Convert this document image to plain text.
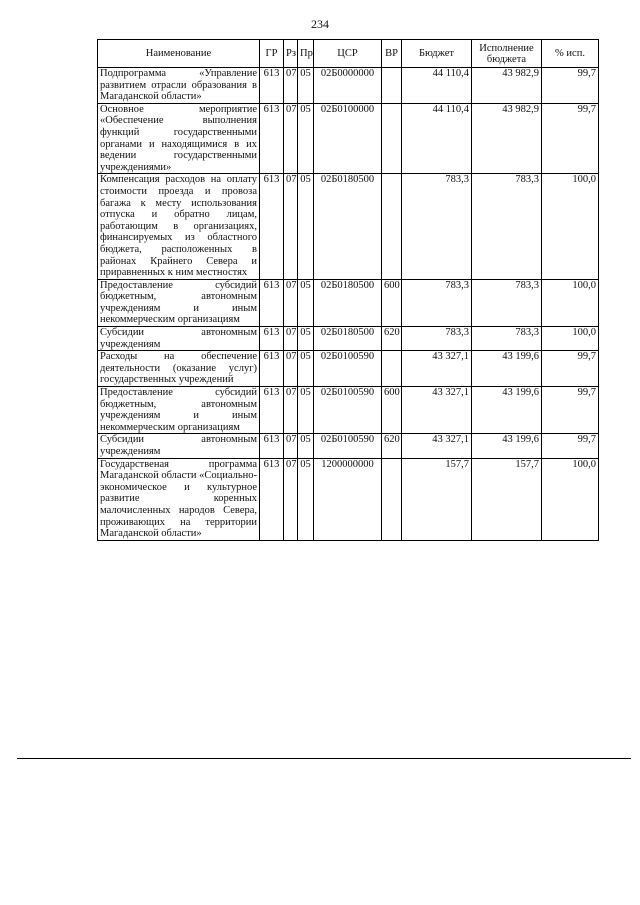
234
Наименование	ГР	Рз	Пр	ЦСР	ВР	Бюджет	Исполнение бюджета	% исп.
Подпрограмма «Управление развитием отрасли образования в Магаданской области»	613	07	05	02Б0000000		44 110,4	43 982,9	99,7
Основное мероприятие «Обеспечение выполнения функций государственными органами и находящимися в их ведении государственными учреждениями»	613	07	05	02Б0100000		44 110,4	43 982,9	99,7
Компенсация расходов на оплату стоимости проезда и провоза багажа к месту использования отпуска и обратно лицам, работающим в организациях, финансируемых из областного бюджета, расположенных в районах Крайнего Севера и приравненных к ним местностях	613	07	05	02Б0180500		783,3	783,3	100,0
Предоставление субсидий бюджетным, автономным учреждениям и иным некоммерческим организациям	613	07	05	02Б0180500	600	783,3	783,3	100,0
Субсидии автономным учреждениям	613	07	05	02Б0180500	620	783,3	783,3	100,0
Расходы на обеспечение деятельности (оказание услуг) государственных учреждений	613	07	05	02Б0100590		43 327,1	43 199,6	99,7
Предоставление субсидий бюджетным, автономным учреждениям и иным некоммерческим организациям	613	07	05	02Б0100590	600	43 327,1	43 199,6	99,7
Субсидии автономным учреждениям	613	07	05	02Б0100590	620	43 327,1	43 199,6	99,7
Государственая программа Магаданской области «Социально-экономическое и культурное развитие коренных малочисленных народов Севера, проживающих на территории Магаданской области»	613	07	05	1200000000		157,7	157,7	100,0
